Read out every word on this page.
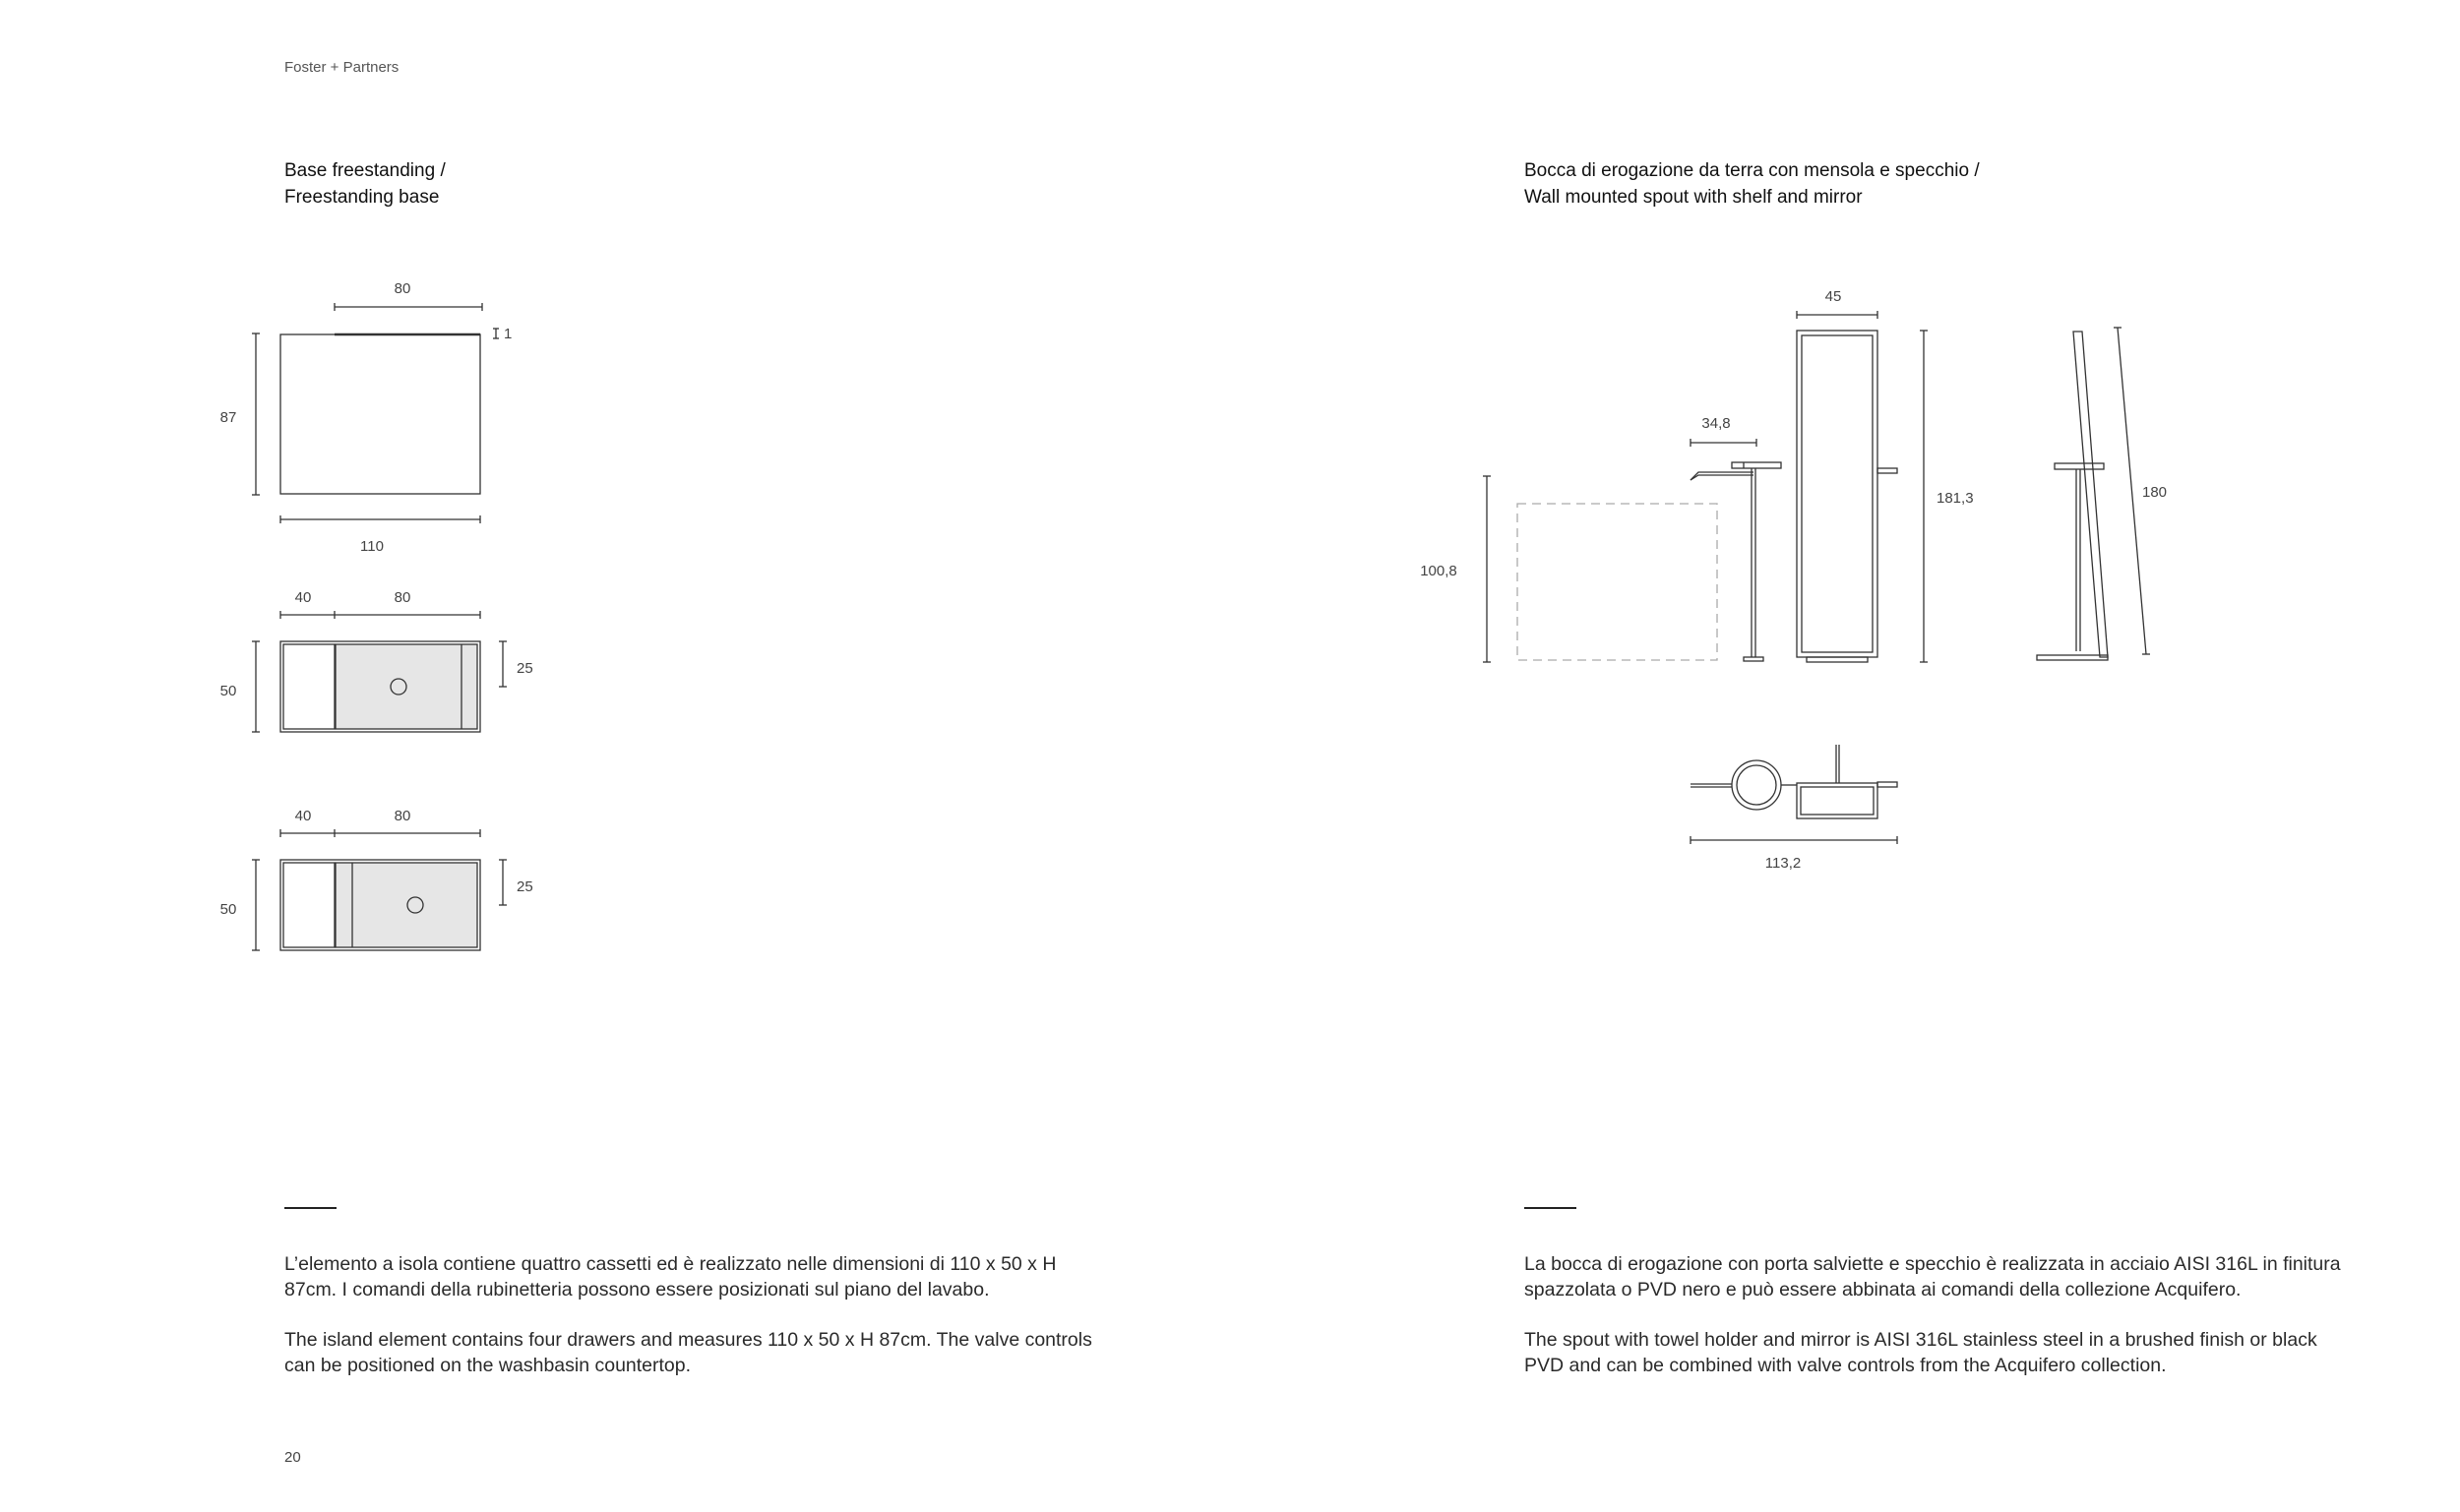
Foster + Partners
Base freestanding /
Freestanding base
Bocca di erogazione da terra con mensola e specchio /
Wall mounted spout with shelf and mirror
80
1
87
110
40	80
50
25
40	80
50
25
45
34,8
181,3	180
100,8
113,2

L’elemento a isola contiene quattro cassetti ed è realizzato nelle dimensioni di 110 x 50 x H 87cm. I comandi della rubinetteria possono essere posizionati sul piano del lavabo.

The island element contains four drawers and measures 110 x 50 x H 87cm. The valve controls can be positioned on the washbasin countertop.

La bocca di erogazione con porta salviette e specchio è realizzata in acciaio AISI 316L in finitura spazzolata o PVD nero e può essere abbinata ai comandi della collezione Acquifero.

The spout with towel holder and mirror is AISI 316L stainless steel in a brushed finish or black PVD and can be combined with valve controls from the Acquifero collection.

20
